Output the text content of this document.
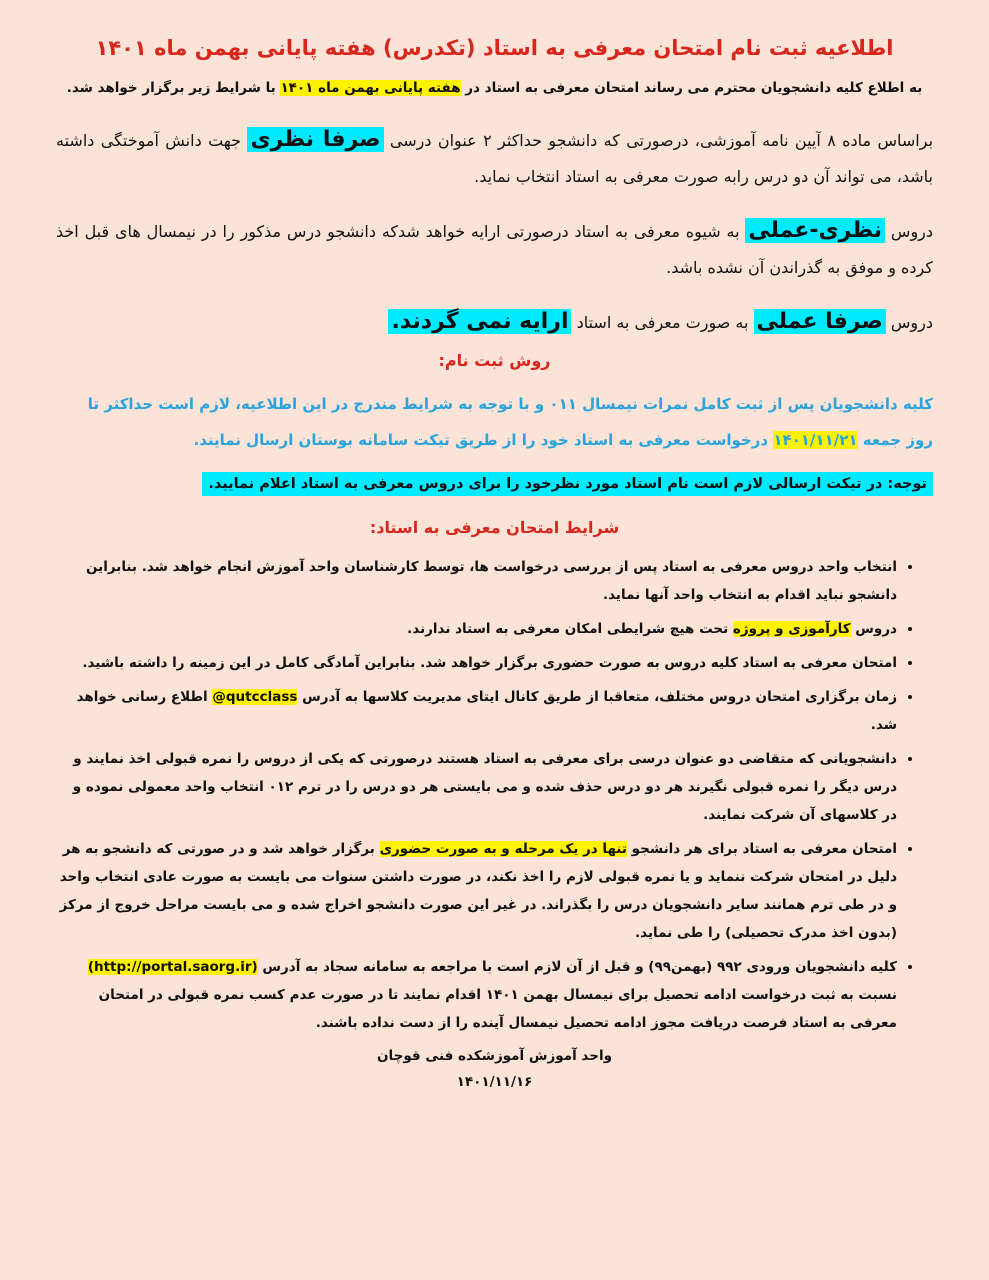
اطلاعیه ثبت نام امتحان معرفی به استاد (تکدرس) هفته پایانی بهمن ماه ۱۴۰۱
به اطلاع کلیه دانشجویان محترم می رساند امتحان معرفی به استاد در هفته پایانی بهمن ماه ۱۴۰۱ با شرایط زیر برگزار خواهد شد.

براساس ماده ۸ آیین نامه آموزشی، درصورتی که دانشجو حداکثر ۲ عنوان درسی صرفا نظری جهت دانش آموختگی داشته باشد، می تواند آن دو درس رابه صورت معرفی به استاد انتخاب نماید.

دروس نظری-عملی به شیوه معرفی به استاد درصورتی ارایه خواهد شدکه دانشجو درس مذکور را در نیمسال های قبل اخذ کرده و موفق به گذراندن آن نشده باشد.

دروس صرفا عملی به صورت معرفی به استاد ارایه نمی گردند.

روش ثبت نام:

کلیه دانشجویان پس از ثبت کامل نمرات نیمسال ۰۱۱ و با توجه به شرایط مندرج در این اطلاعیه، لازم است حداکثر تا روز جمعه ۱۴۰۱/۱۱/۲۱ درخواست معرفی به استاد خود را از طریق تیکت سامانه بوستان ارسال نمایند.

توجه: در تیکت ارسالی لازم است نام استاد مورد نظرخود را برای دروس معرفی به استاد اعلام نمایید.
شرایط امتحان معرفی به استاد:
• انتخاب واحد دروس معرفی به استاد پس از بررسی درخواست ها، توسط کارشناسان واحد آموزش انجام خواهد شد. بنابراین دانشجو نباید اقدام به انتخاب واحد آنها نماید.
• دروس کارآموزی و پروژه تحت هیچ شرایطی امکان معرفی به استاد ندارند.
• امتحان معرفی به استاد کلیه دروس به صورت حضوری برگزار خواهد شد. بنابراین آمادگی کامل در این زمینه را داشته باشید.
• زمان برگزاری امتحان دروس مختلف، متعاقبا از طریق کانال ایتای مدیریت کلاسها به آدرس @qutcclass اطلاع رسانی خواهد شد.
• دانشجویانی که متقاضی دو عنوان درسی برای معرفی به استاد هستند درصورتی که یکی از دروس را نمره قبولی اخذ نمایند و درس دیگر را نمره قبولی نگیرند هر دو درس حذف شده و می بایستی هر دو درس را در ترم ۰۱۲ انتخاب واحد معمولی نموده و در کلاسهای آن شرکت نمایند.
• امتحان معرفی به استاد برای هر دانشجو تنها در یک مرحله و به صورت حضوری برگزار خواهد شد و در صورتی که دانشجو به هر دلیل در امتحان شرکت ننماید و یا نمره قبولی لازم را اخذ نکند، در صورت داشتن سنوات می بایست به صورت عادی انتخاب واحد و در طی ترم همانند سایر دانشجویان درس را بگذراند. در غیر این صورت دانشجو اخراج شده و می بایست مراحل خروج از مرکز (بدون اخذ مدرک تحصیلی) را طی نماید.
• کلیه دانشجویان ورودی ۹۹۲ (بهمن۹۹) و قبل از آن لازم است با مراجعه به سامانه سجاد به آدرس (http://portal.saorg.ir) نسبت به ثبت درخواست ادامه تحصیل برای نیمسال بهمن ۱۴۰۱ اقدام نمایند تا در صورت عدم کسب نمره قبولی در امتحان معرفی به استاد فرصت دریافت مجوز ادامه تحصیل نیمسال آینده را از دست نداده باشند.
واحد آموزش آموزشکده فنی قوچان
۱۴۰۱/۱۱/۱۶
